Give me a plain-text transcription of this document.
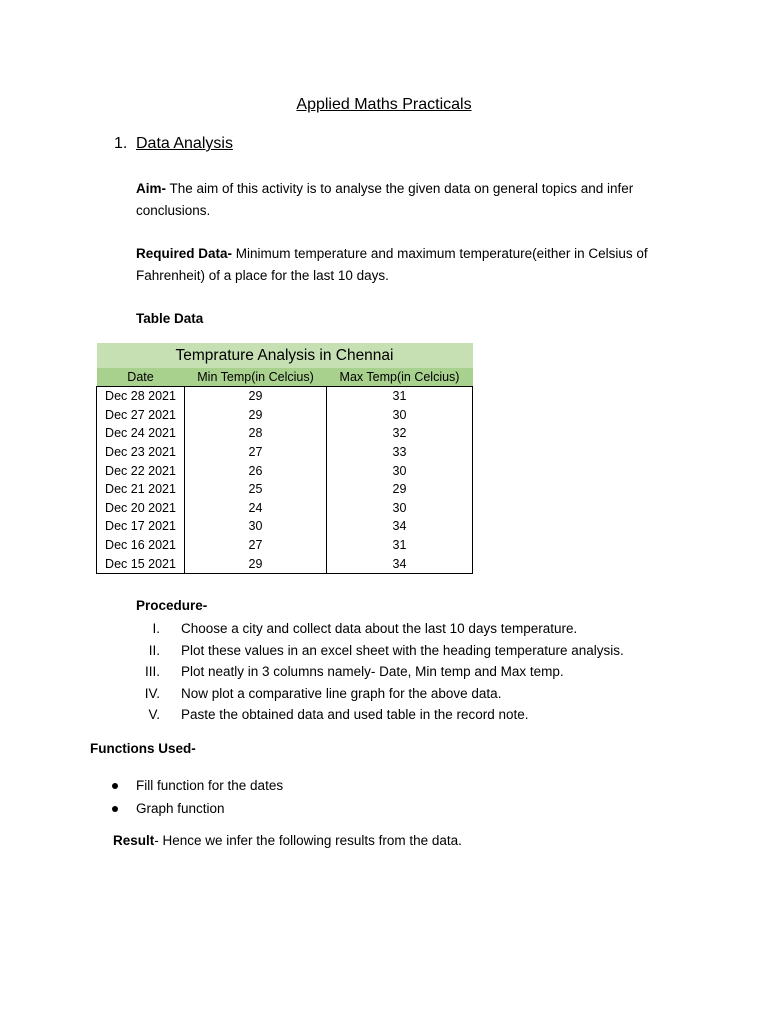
Applied Maths Practicals
1. Data Analysis
Aim- The aim of this activity is to analyse the given data on general topics and infer
conclusions.
Required Data- Minimum temperature and maximum temperature(either in Celsius of
Fahrenheit) of a place for the last 10 days.
Table Data
Temprature Analysis in Chennai		
Date	Min Temp(in Celcius)	Max Temp(in Celcius)
Dec 28 2021	29	31
Dec 27 2021	29	30
Dec 24 2021	28	32
Dec 23 2021	27	33
Dec 22 2021	26	30
Dec 21 2021	25	29
Dec 20 2021	24	30
Dec 17 2021	30	34
Dec 16 2021	27	31
Dec 15 2021	29	34
Procedure-
I. Choose a city and collect data about the last 10 days temperature.
II. Plot these values in an excel sheet with the heading temperature analysis.
III. Plot neatly in 3 columns namely- Date, Min temp and Max temp.
IV. Now plot a comparative line graph for the above data.
V. Paste the obtained data and used table in the record note.
Functions Used-
Fill function for the dates
Graph function
Result- Hence we infer the following results from the data.
